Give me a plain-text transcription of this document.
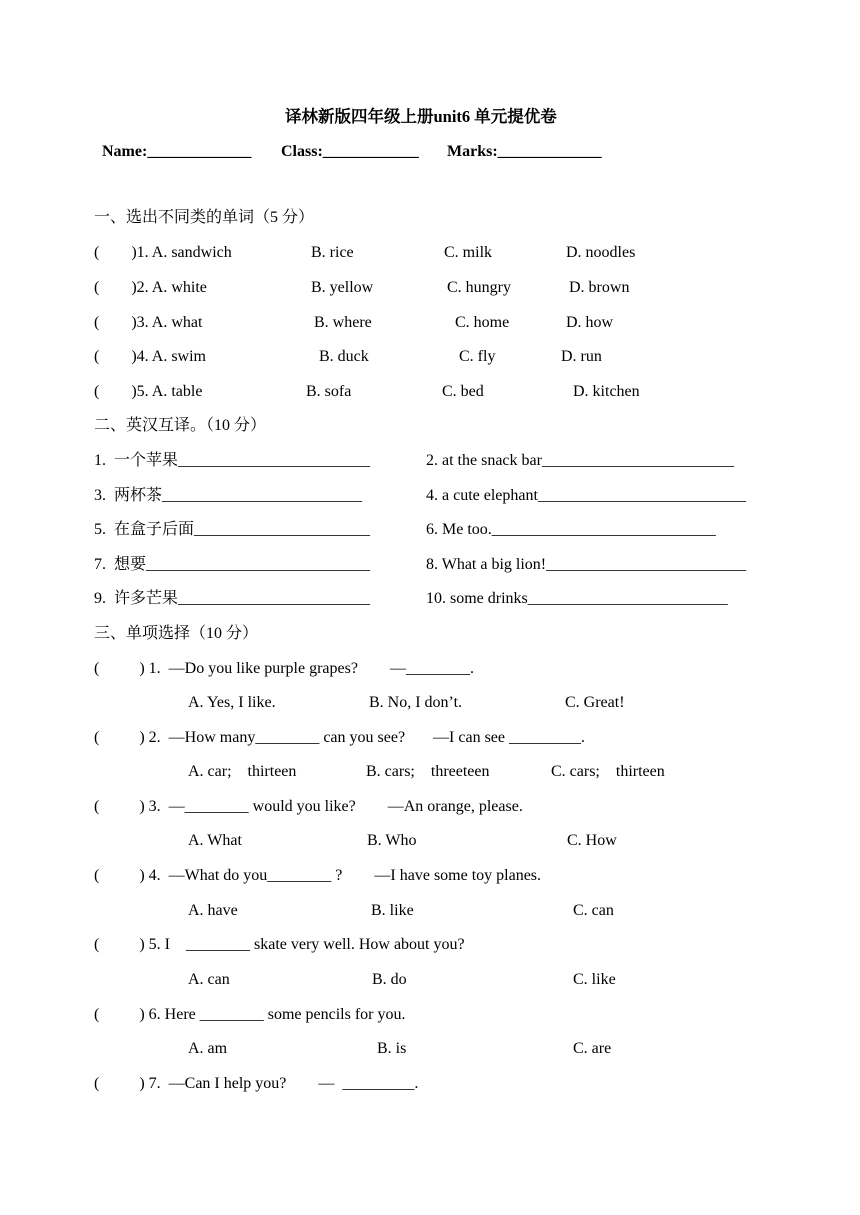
译林新版四年级上册unit6 单元提优卷
Name:_____________ Class:____________ Marks:_____________
一、选出不同类的单词（5 分）
(        )1. A. sandwich	B. rice	C. milk	D. noodles
(        )2. A. white	B. yellow	C. hungry	D. brown
(        )3. A. what	B. where	C. home	D. how
(        )4. A. swim	B. duck	C. fly	D. run
(        )5. A. table	B. sofa	C. bed	D. kitchen
二、英汉互译。（10 分）
1.  一个苹果________________________	2. at the snack bar________________________
3.  两杯茶_________________________	4. a cute elephant__________________________
5.  在盒子后面______________________	6. Me too.____________________________
7.  想要____________________________	8. What a big lion!_________________________
9.  许多芒果________________________	10. some drinks_________________________
三、单项选择（10 分）
(          ) 1.  —Do you like purple grapes?        —________.
A. Yes, I like.	B. No, I don’t.	C. Great!
(          ) 2.  —How many________ can you see?       —I can see _________.
A. car;    thirteen	B. cars;    threeteen	C. cars;    thirteen
(          ) 3.  —________ would you like?        —An orange, please.
A. What	B. Who	C. How
(          ) 4.  —What do you________ ?        —I have some toy planes.
A. have	B. like	C. can
(          ) 5. I    ________ skate very well. How about you?
A. can	B. do	C. like
(          ) 6. Here ________ some pencils for you.
A. am	B. is	C. are
(          ) 7.  —Can I help you?        —  _________.
